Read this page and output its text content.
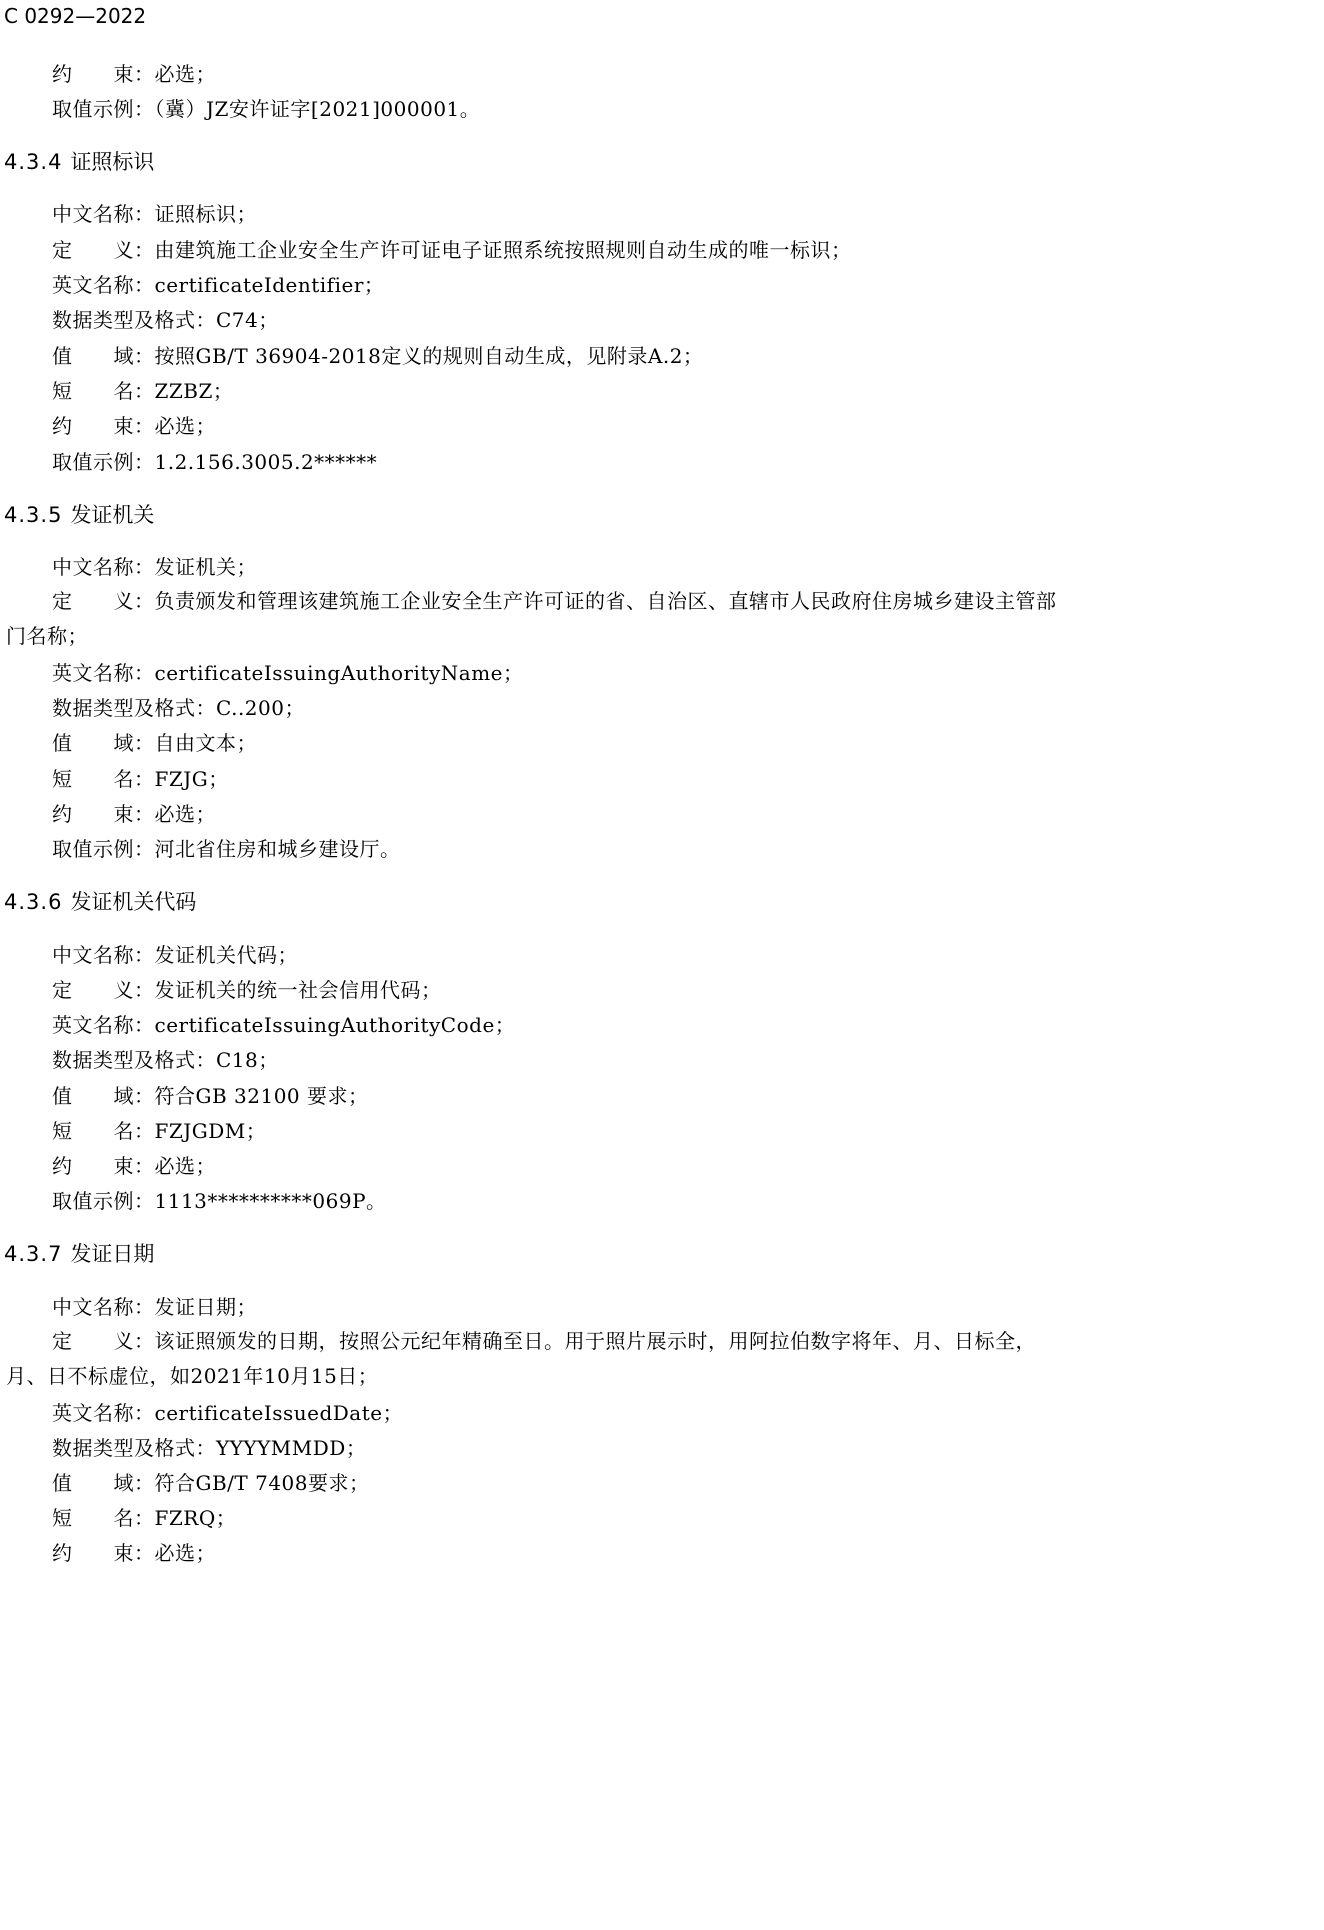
C 0292—2022
约　　束：必选；
取值示例：（冀）JZ安许证字[2021]000001。
4.3.4 证照标识
中文名称：证照标识；
定　　义：由建筑施工企业安全生产许可证电子证照系统按照规则自动生成的唯一标识；
英文名称：certificateIdentifier；
数据类型及格式：C74；
值　　域：按照GB/T 36904-2018定义的规则自动生成，见附录A.2；
短　　名：ZZBZ；
约　　束：必选；
取值示例：1.2.156.3005.2******
4.3.5 发证机关
中文名称：发证机关；
定　　义：负责颁发和管理该建筑施工企业安全生产许可证的省、自治区、直辖市人民政府住房城乡建设主管部门名称；
英文名称：certificateIssuingAuthorityName；
数据类型及格式：C..200；
值　　域：自由文本；
短　　名：FZJG；
约　　束：必选；
取值示例：河北省住房和城乡建设厅。
4.3.6 发证机关代码
中文名称：发证机关代码；
定　　义：发证机关的统一社会信用代码；
英文名称：certificateIssuingAuthorityCode；
数据类型及格式：C18；
值　　域：符合GB 32100 要求；
短　　名：FZJGDM；
约　　束：必选；
取值示例：1113**********069P。
4.3.7 发证日期
中文名称：发证日期；
定　　义：该证照颁发的日期，按照公元纪年精确至日。用于照片展示时，用阿拉伯数字将年、月、日标全，月、日不标虚位，如2021年10月15日；
英文名称：certificateIssuedDate；
数据类型及格式：YYYYMMDD；
值　　域：符合GB/T 7408要求；
短　　名：FZRQ；
约　　束：必选；
